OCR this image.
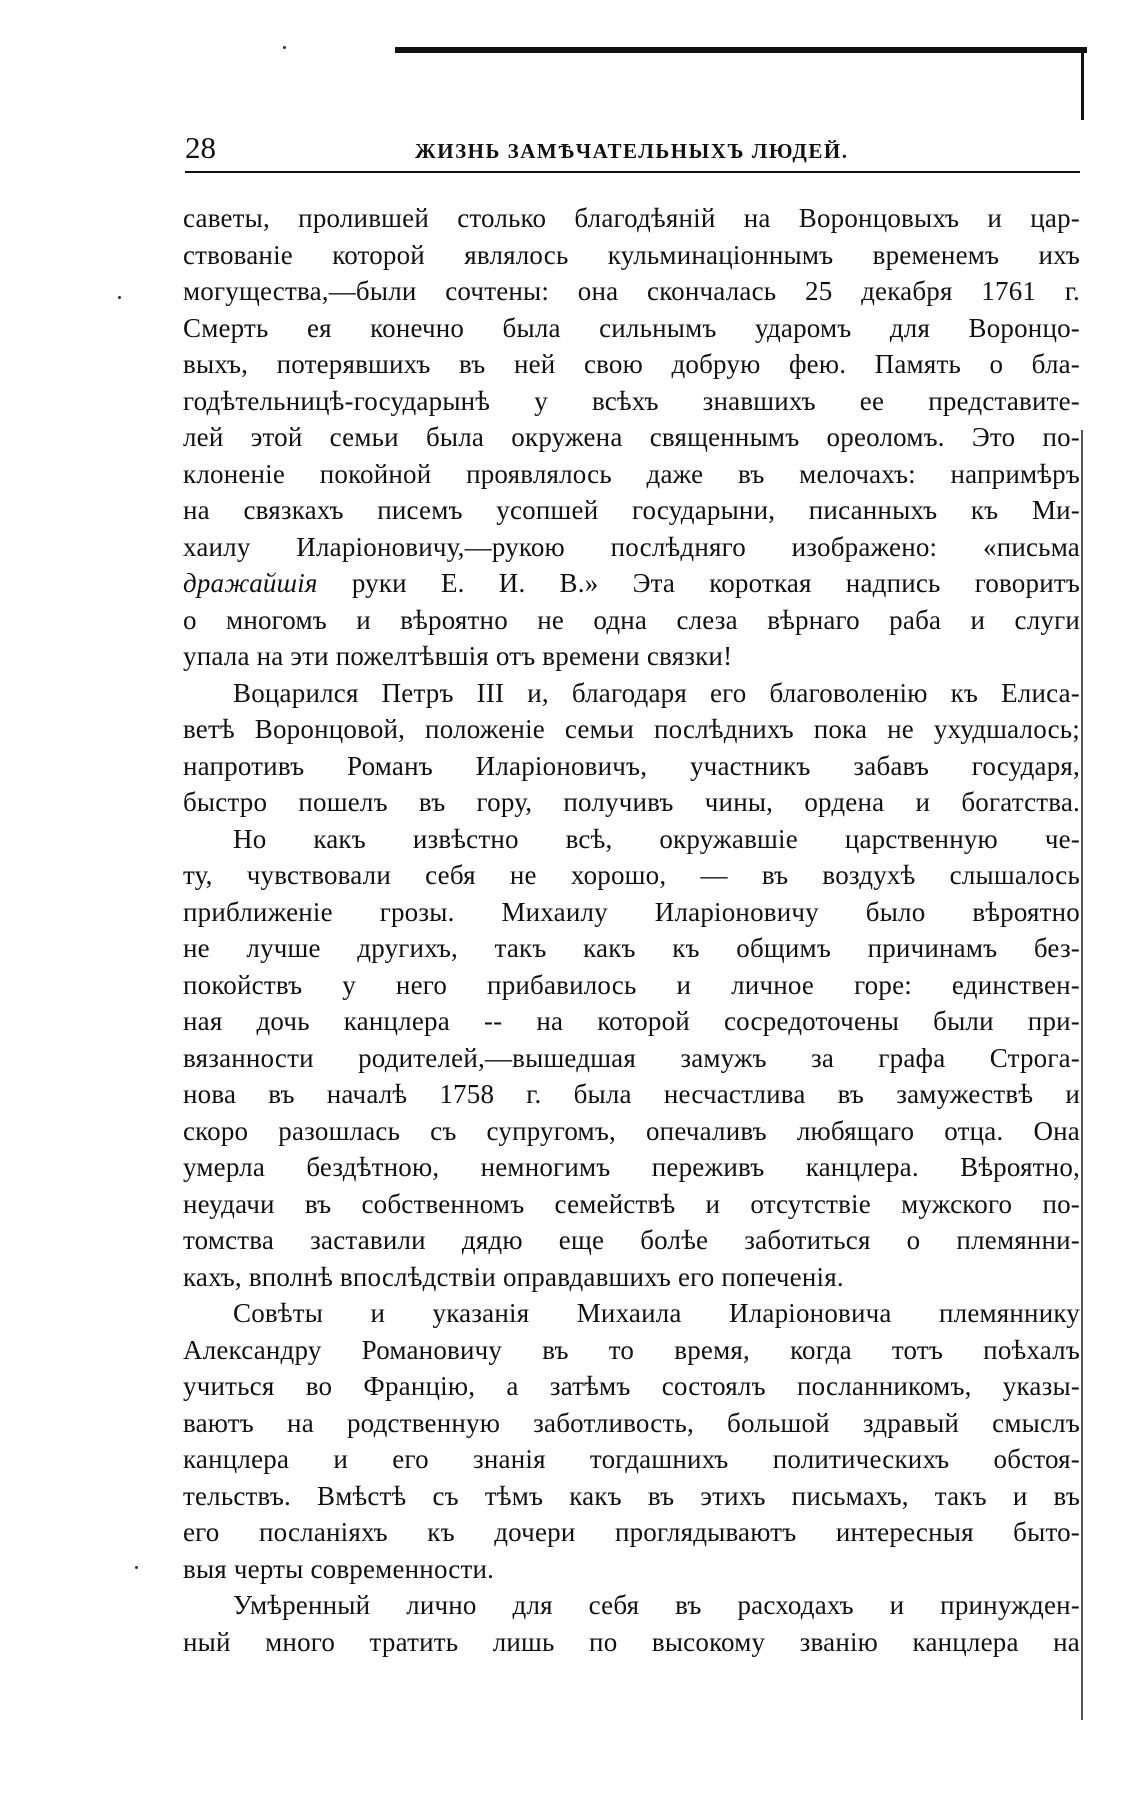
28	ЖИЗНЬ ЗАМѢЧАТЕЛЬНЫХЪ ЛЮДЕЙ.
саветы, пролившей столько благодѣяній на Воронцовыхъ и цар-
ствованіе которой являлось кульминаціоннымъ временемъ ихъ
могущества,—были сочтены: она скончалась 25 декабря 1761 г.
Смерть ея конечно была сильнымъ ударомъ для Воронцо-
выхъ, потерявшихъ въ ней свою добрую фею. Память о бла-
годѣтельницѣ-государынѣ у всѣхъ знавшихъ ее представите-
лей этой семьи была окружена священнымъ ореоломъ. Это по-
клоненіе покойной проявлялось даже въ мелочахъ: напримѣръ
на связкахъ писемъ усопшей государыни, писанныхъ къ Ми-
хаилу Иларіоновичу,—рукою послѣдняго изображено: «письма
дражайшія руки Е. И. В.» Эта короткая надпись говоритъ
о многомъ и вѣроятно не одна слеза вѣрнаго раба и слуги
упала на эти пожелтѣвшія отъ времени связки!
Воцарился Петръ III и, благодаря его благоволенію къ Елиса-
ветѣ Воронцовой, положеніе семьи послѣднихъ пока не ухудшалось;
напротивъ Романъ Иларіоновичъ, участникъ забавъ государя,
быстро пошелъ въ гору, получивъ чины, ордена и богатства.
Но какъ извѣстно всѣ, окружавшіе царственную че-
ту, чувствовали себя не хорошо, — въ воздухѣ слышалось
приближеніе грозы. Михаилу Иларіоновичу было вѣроятно
не лучше другихъ, такъ какъ къ общимъ причинамъ без-
покойствъ у него прибавилось и личное горе: единствен-
ная дочь канцлера -- на которой сосредоточены были при-
вязанности родителей,—вышедшая замужъ за графа Строга-
нова въ началѣ 1758 г. была несчастлива въ замужествѣ и
скоро разошлась съ супругомъ, опечаливъ любящаго отца. Она
умерла бездѣтною, немногимъ переживъ канцлера. Вѣроятно,
неудачи въ собственномъ семействѣ и отсутствіе мужского по-
томства заставили дядю еще болѣе заботиться о племянни-
кахъ, вполнѣ впослѣдствіи оправдавшихъ его попеченія.
Совѣты и указанія Михаила Иларіоновича племяннику
Александру Романовичу въ то время, когда тотъ поѣхалъ
учиться во Францію, а затѣмъ состоялъ посланникомъ, указы-
ваютъ на родственную заботливость, большой здравый смыслъ
канцлера и его знанія тогдашнихъ политическихъ обстоя-
тельствъ. Вмѣстѣ съ тѣмъ какъ въ этихъ письмахъ, такъ и въ
его посланіяхъ къ дочери проглядываютъ интересныя быто-
выя черты современности.
Умѣренный лично для себя въ расходахъ и принужден-
ный много тратить лишь по высокому званію канцлера на
